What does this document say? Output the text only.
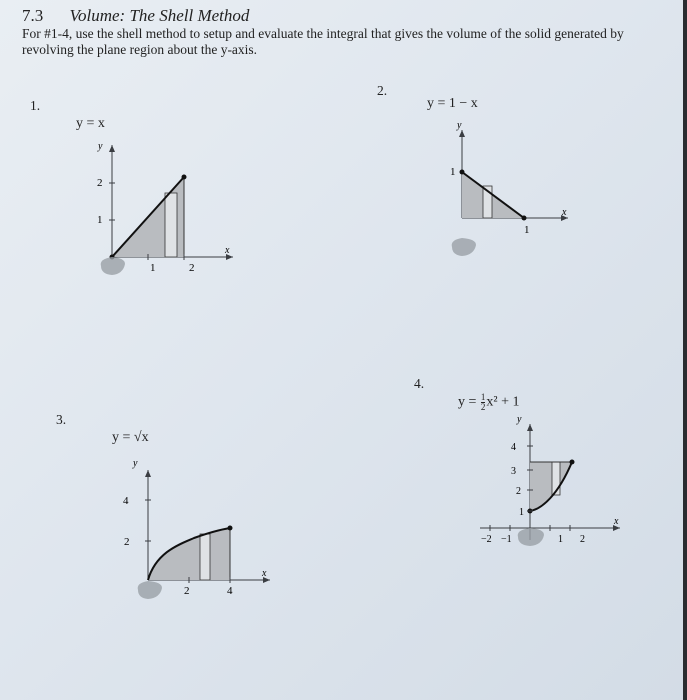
7.3 Volume: The Shell Method
For #1-4, use the shell method to setup and evaluate the integral that gives the volume of the solid generated by revolving the plane region about the y-axis.
1.
y = x
2
1
1	2
y
x
2.
y = 1 − x
1
1
y
x
3.
y = √x
4
2
2	4
y
x
4.
$y = \frac{1}{2} x^2 + 1$
4
3
2
1
−2 −1	1 2
y
x
